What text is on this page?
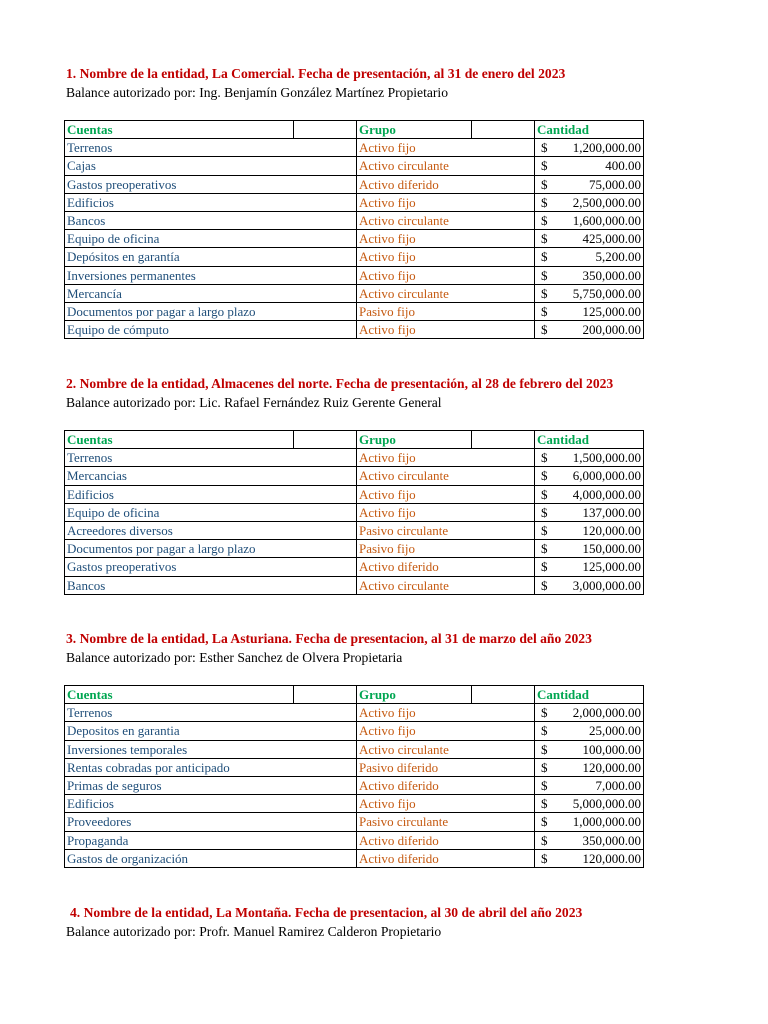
1. Nombre de la entidad, La Comercial. Fecha de presentación, al 31 de enero del 2023
Balance autorizado por: Ing. Benjamín González Martínez Propietario
Cuentas		Grupo		Cantidad
Terrenos		Activo fijo		$ 1,200,000.00

Cajas		Activo circulante		$ 400.00

Gastos preoperativos		Activo diferido		$ 75,000.00

Edificios		Activo fijo		$ 2,500,000.00

Bancos		Activo circulante		$ 1,600,000.00

Equipo de oficina		Activo fijo		$ 425,000.00

Depósitos en garantía		Activo fijo		$ 5,200.00

Inversiones permanentes		Activo fijo		$ 350,000.00

Mercancía		Activo circulante		$ 5,750,000.00

Documentos por pagar a largo plazo		Pasivo fijo		$ 125,000.00

Equipo de cómputo		Activo fijo		$ 200,000.00
2. Nombre de la entidad, Almacenes del norte. Fecha de presentación, al 28 de febrero del 2023
Balance autorizado por: Lic. Rafael Fernández Ruiz Gerente General
Cuentas		Grupo		Cantidad
Terrenos		Activo fijo		$ 1,500,000.00

Mercancias		Activo circulante		$ 6,000,000.00

Edificios		Activo fijo		$ 4,000,000.00

Equipo de oficina		Activo fijo		$ 137,000.00

Acreedores diversos		Pasivo circulante		$ 120,000.00

Documentos por pagar a largo plazo		Pasivo fijo		$ 150,000.00

Gastos preoperativos		Activo diferido		$ 125,000.00

Bancos		Activo circulante		$ 3,000,000.00
3. Nombre de la entidad, La Asturiana. Fecha de presentacion, al 31 de marzo del año 2023
Balance autorizado por: Esther Sanchez de Olvera Propietaria
Cuentas		Grupo		Cantidad
Terrenos		Activo fijo		$ 2,000,000.00

Depositos en garantia		Activo fijo		$ 25,000.00

Inversiones temporales		Activo circulante		$ 100,000.00

Rentas cobradas por anticipado		Pasivo diferido		$ 120,000.00

Primas de seguros		Activo diferido		$ 7,000.00

Edificios		Activo fijo		$ 5,000,000.00

Proveedores		Pasivo circulante		$ 1,000,000.00

Propaganda		Activo diferido		$ 350,000.00

Gastos de organización		Activo diferido		$ 120,000.00
4. Nombre de la entidad, La Montaña. Fecha de presentacion, al 30 de abril del año 2023
Balance autorizado por: Profr. Manuel Ramirez Calderon Propietario
